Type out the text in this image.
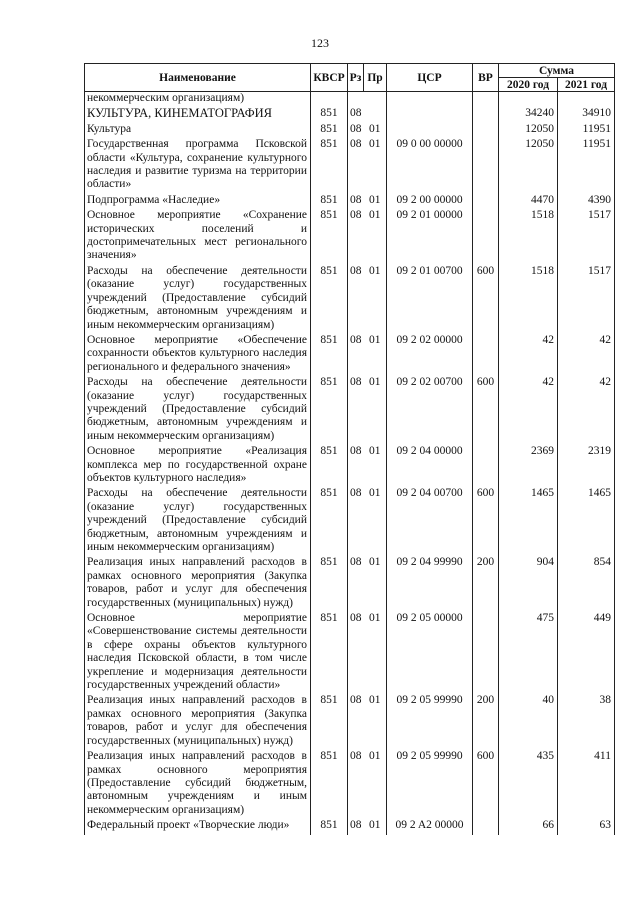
123
Наименование	КВСР	Рз	Пр	ЦСР	ВР	Сумма	
						2020 год	2021 год
некоммерческим организациям)							
КУЛЬТУРА, КИНЕМАТОГРАФИЯ	851	08				34240	34910
Культура	851	08	01			12050	11951
Государственная программа Псковской области «Культура, сохранение культурного наследия и развитие туризма на территории области»	851	08	01	09 0 00 00000		12050	11951
Подпрограмма «Наследие»	851	08	01	09 2 00 00000		4470	4390
Основное мероприятие «Сохранение исторических поселений и достопримечательных мест регионального значения»	851	08	01	09 2 01 00000		1518	1517
Расходы на обеспечение деятельности (оказание услуг) государственных учреждений (Предоставление субсидий бюджетным, автономным учреждениям и иным некоммерческим организациям)	851	08	01	09 2 01 00700	600	1518	1517
Основное мероприятие «Обеспечение сохранности объектов культурного наследия регионального и федерального значения»	851	08	01	09 2 02 00000		42	42
Расходы на обеспечение деятельности (оказание услуг) государственных учреждений (Предоставление субсидий бюджетным, автономным учреждениям и иным некоммерческим организациям)	851	08	01	09 2 02 00700	600	42	42
Основное мероприятие «Реализация комплекса мер по государственной охране объектов культурного наследия»	851	08	01	09 2 04 00000		2369	2319
Расходы на обеспечение деятельности (оказание услуг) государственных учреждений (Предоставление субсидий бюджетным, автономным учреждениям и иным некоммерческим организациям)	851	08	01	09 2 04 00700	600	1465	1465
Реализация иных направлений расходов в рамках основного мероприятия (Закупка товаров, работ и услуг для обеспечения государственных (муниципальных) нужд)	851	08	01	09 2 04 99990	200	904	854
Основное мероприятие «Совершенствование системы деятельности в сфере охраны объектов культурного наследия Псковской области, в том числе укрепление и модернизация деятельности государственных учреждений области»	851	08	01	09 2 05 00000		475	449
Реализация иных направлений расходов в рамках основного мероприятия (Закупка товаров, работ и услуг для обеспечения государственных (муниципальных) нужд)	851	08	01	09 2 05 99990	200	40	38
Реализация иных направлений расходов в рамках основного мероприятия (Предоставление субсидий бюджетным, автономным учреждениям и иным некоммерческим организациям)	851	08	01	09 2 05 99990	600	435	411
Федеральный проект «Творческие люди»	851	08	01	09 2 A2 00000		66	63
